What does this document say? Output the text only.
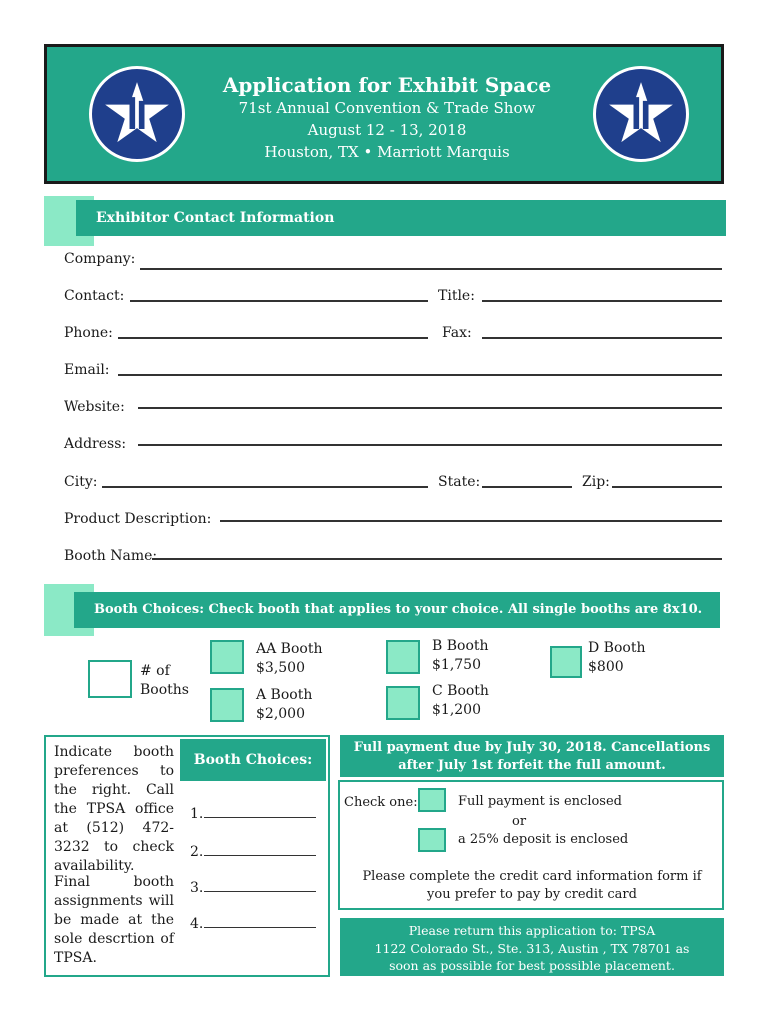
Application for Exhibit Space
71st Annual Convention & Trade Show
August 12 - 13, 2018
Houston, TX • Marriott Marquis
Exhibitor Contact Information
Company:
Contact:	Title:
Phone:	Fax:
Email:
Website:
Address:
City:	State:	Zip:
Product Description:
Booth Name:
Booth Choices: Check booth that applies to your choice. All single booths are 8x10.
# of
Booths
AA Booth
$3,500
A Booth
$2,000
B Booth
$1,750
C Booth
$1,200
D Booth
$800
Indicate booth preferences to the right. Call the TPSA office at (512) 472-3232 to check availability.
Final booth assignments will be made at the sole descrtion of TPSA.
Booth Choices:
1.
2.
3.
4.
Full payment due by July 30, 2018. Cancellations after July 1st forfeit the full amount.
Check one:	Full payment is enclosed
or
a 25% deposit is enclosed
Please complete the credit card information form if you prefer to pay by credit card
Please return this application to: TPSA
1122 Colorado St., Ste. 313, Austin , TX 78701 as
soon as possible for best possible placement.
